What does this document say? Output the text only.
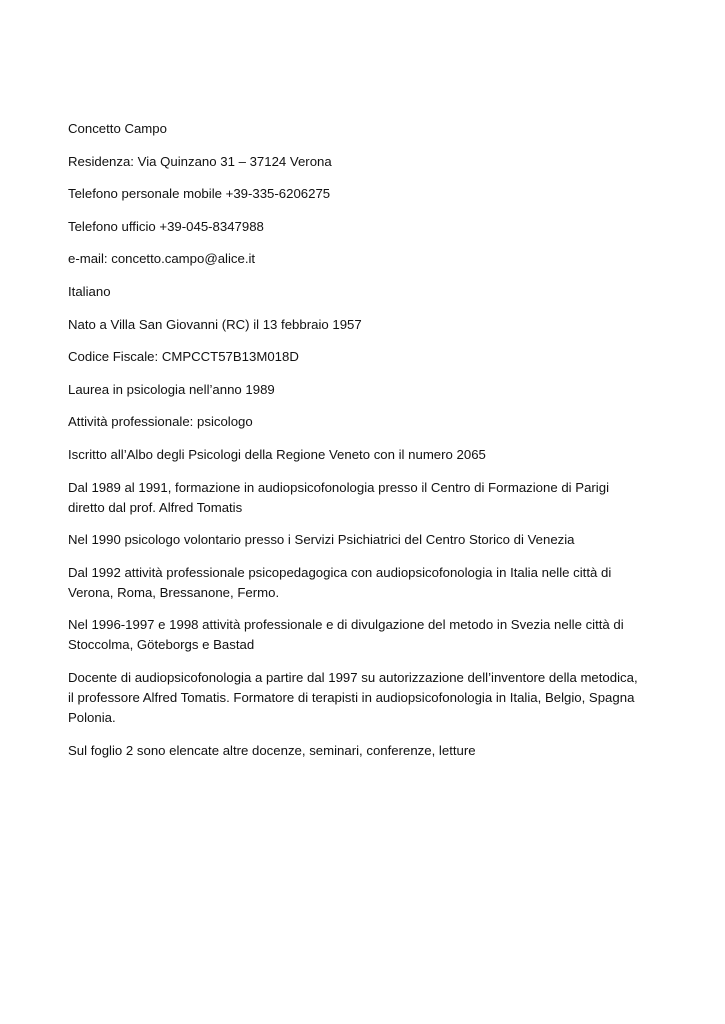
Concetto Campo

Residenza: Via Quinzano 31 – 37124 Verona

Telefono personale mobile +39-335-6206275

Telefono ufficio +39-045-8347988

e-mail: concetto.campo@alice.it

Italiano

Nato a Villa San Giovanni (RC) il 13 febbraio 1957

Codice Fiscale: CMPCCT57B13M018D

Laurea in psicologia nell’anno 1989

Attività professionale: psicologo

Iscritto all’Albo degli Psicologi della Regione Veneto con il numero 2065

Dal 1989 al 1991, formazione in audiopsicofonologia presso il Centro di Formazione di Parigi
diretto dal prof. Alfred Tomatis

Nel 1990 psicologo volontario presso i Servizi Psichiatrici del Centro Storico di Venezia

Dal 1992 attività professionale psicopedagogica con audiopsicofonologia in Italia nelle città di
Verona, Roma, Bressanone, Fermo.

Nel 1996-1997 e 1998 attività professionale e di divulgazione del metodo in Svezia nelle città di
Stoccolma, Göteborgs e Bastad

Docente di audiopsicofonologia a partire dal 1997 su autorizzazione dell’inventore della metodica,
il professore Alfred Tomatis. Formatore di terapisti in audiopsicofonologia in Italia, Belgio, Spagna
Polonia.

Sul foglio 2 sono elencate altre docenze, seminari, conferenze, letture
